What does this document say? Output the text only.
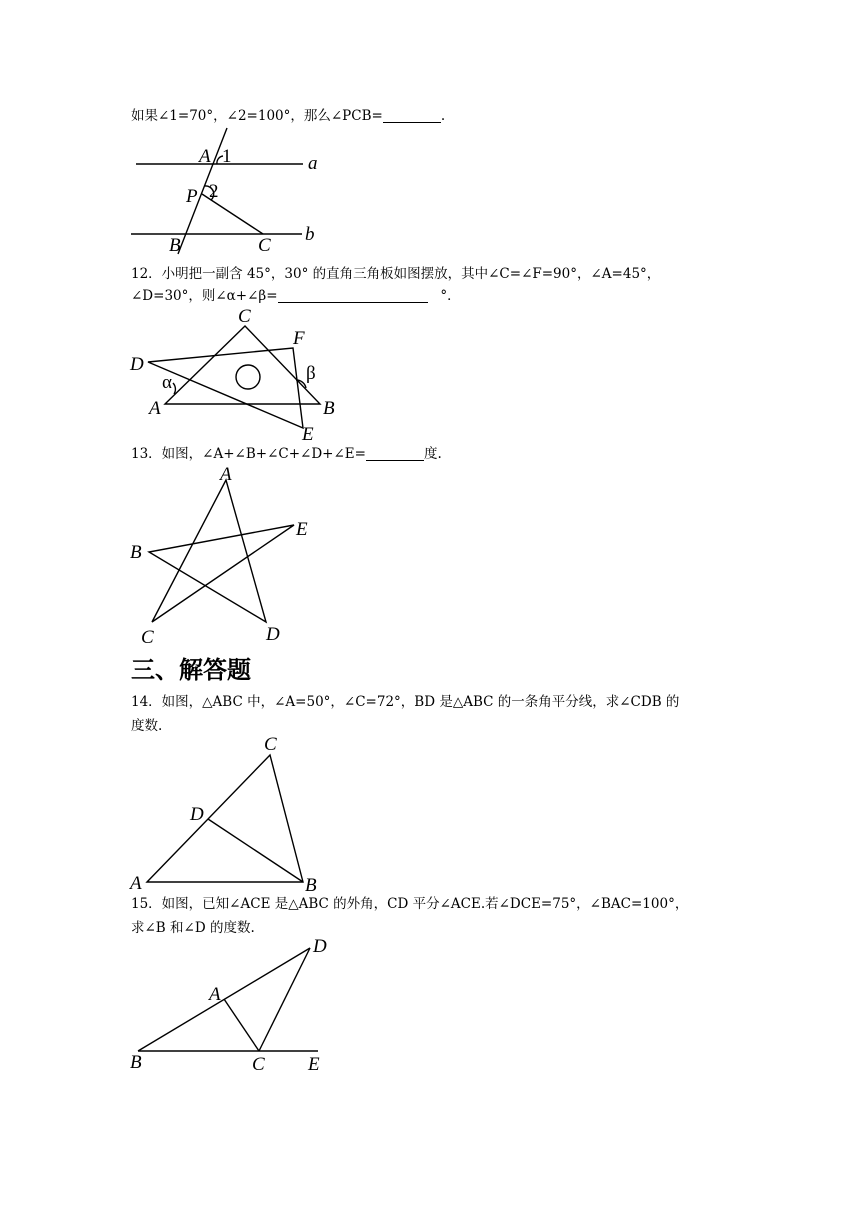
如果∠1=70°，∠2=100°，那么∠PCB=	.
A 1	a
P 2
B	C
b
12．小明把一副含 45°，30° 的直角三角板如图摆放，其中∠C=∠F=90°，∠A=45°，
∠D=30°，则∠α+∠β=	°．
C
F
D
α	β
A	B
E
13．如图，∠A+∠B+∠C+∠D+∠E=	度.
A
B
E
C	D
三、解答题
14．如图，△ABC 中，∠A=50°，∠C=72°，BD 是△ABC 的一条角平分线，求∠CDB 的
度数.
C
D
A	B
15．如图，已知∠ACE 是△ABC 的外角，CD 平分∠ACE.若∠DCE=75°，∠BAC=100°，
求∠B 和∠D 的度数.
D
A
B	C E
